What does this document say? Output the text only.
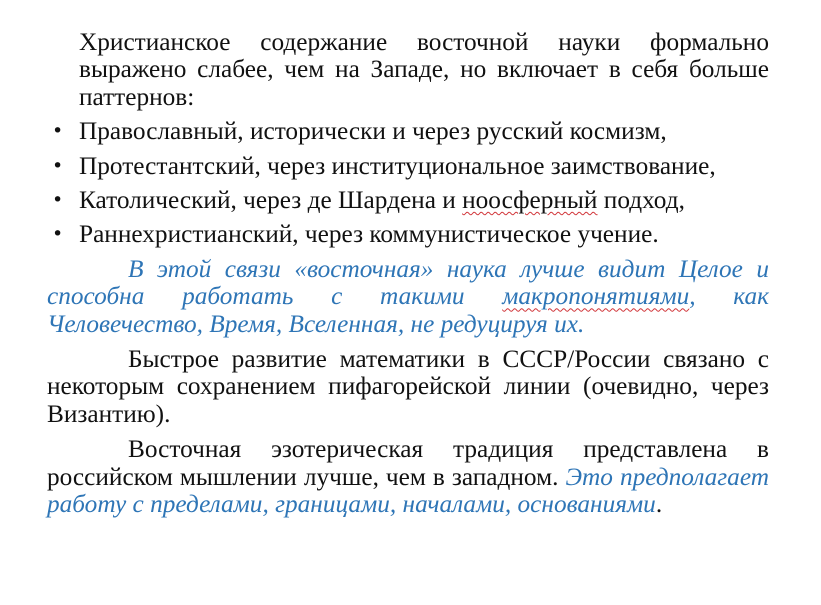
Христианское содержание восточной науки формально выражено слабее, чем на Западе, но включает в себя больше паттернов:

• Православный, исторически и через русский космизм,
• Протестантский, через институциональное заимствование,
• Католический, через де Шардена и ноосферный подход,
• Раннехристианский, через коммунистическое учение.

В этой связи «восточная» наука лучше видит Целое и способна работать с такими макропонятиями, как Человечество, Время, Вселенная, не редуцируя их.

Быстрое развитие математики в СССР/России связано с некоторым сохранением пифагорейской линии (очевидно, через Византию).

Восточная эзотерическая традиция представлена в российском мышлении лучше, чем в западном. Это предполагает работу с пределами, границами, началами, основаниями.
